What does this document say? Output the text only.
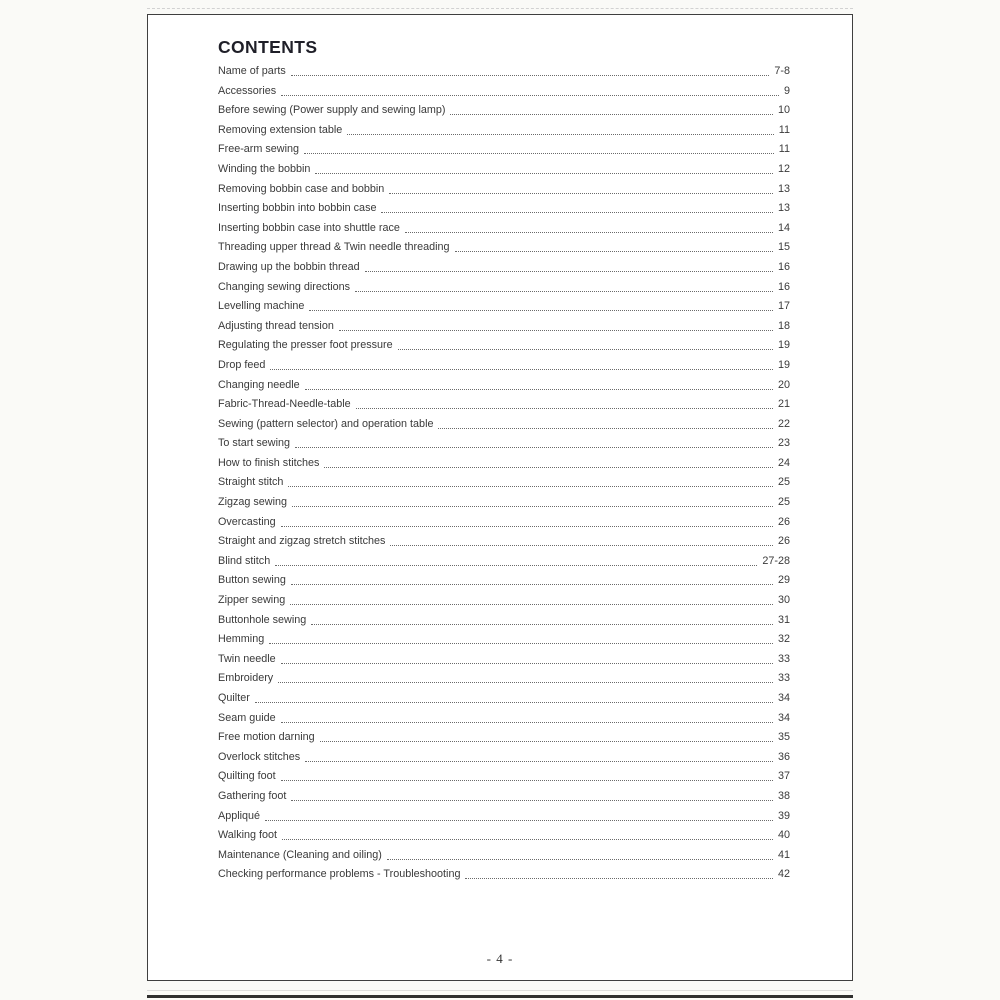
CONTENTS
Name of parts	7-8
Accessories	9
Before sewing (Power supply and sewing lamp)	10
Removing extension table	11
Free-arm sewing	11
Winding the bobbin	12
Removing bobbin case and bobbin	13
Inserting bobbin into bobbin case	13
Inserting bobbin case into shuttle race	14
Threading upper thread & Twin needle threading	15
Drawing up the bobbin thread	16
Changing sewing directions	16
Levelling machine	17
Adjusting thread tension	18
Regulating the presser foot pressure	19
Drop feed	19
Changing needle	20
Fabric-Thread-Needle-table	21
Sewing (pattern selector) and operation table	22
To start sewing	23
How to finish stitches	24
Straight stitch	25
Zigzag sewing	25
Overcasting	26
Straight and zigzag stretch stitches	26
Blind stitch	27-28
Button sewing	29
Zipper sewing	30
Buttonhole sewing	31
Hemming	32
Twin needle	33
Embroidery	33
Quilter	34
Seam guide	34
Free motion darning	35
Overlock stitches	36
Quilting foot	37
Gathering foot	38
Appliqué	39
Walking foot	40
Maintenance (Cleaning and oiling)	41
Checking performance problems - Troubleshooting	42
- 4 -
